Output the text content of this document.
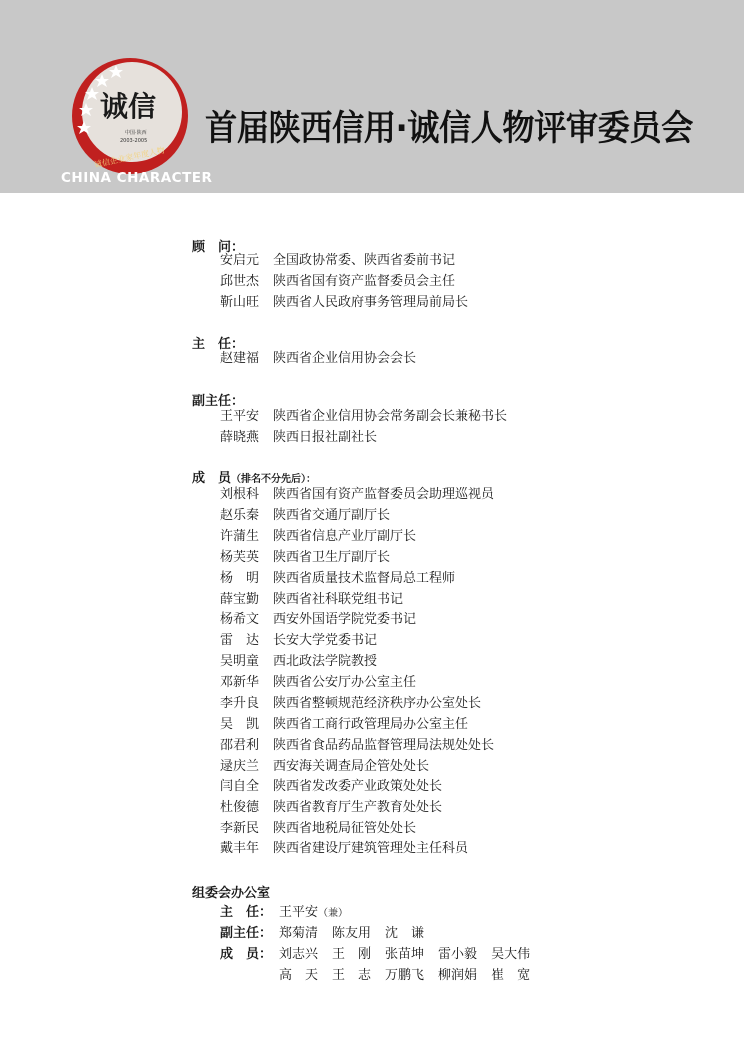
诚信
中国·陕西
2003-2005
诚信企业家年度人物
CHINA CHARACTER
首届陕西信用·诚信人物评审委员会
顾　问：
安启元 全国政协常委、陕西省委前书记
邱世杰 陕西省国有资产监督委员会主任
靳山旺 陕西省人民政府事务管理局前局长
主　任：
赵建福 陕西省企业信用协会会长
副主任：
王平安 陕西省企业信用协会常务副会长兼秘书长
薛晓燕 陕西日报社副社长
成　员（排名不分先后）：
刘根科 陕西省国有资产监督委员会助理巡视员
赵乐秦 陕西省交通厅副厅长
许蒲生 陕西省信息产业厅副厅长
杨芙英 陕西省卫生厅副厅长
杨　明 陕西省质量技术监督局总工程师
薛宝勤 陕西省社科联党组书记
杨希文 西安外国语学院党委书记
雷　达 长安大学党委书记
吴明童 西北政法学院教授
邓新华 陕西省公安厅办公室主任
李升良 陕西省整顿规范经济秩序办公室处长
吴　凯 陕西省工商行政管理局办公室主任
邵君利 陕西省食品药品监督管理局法规处处长
逯庆兰 西安海关调查局企管处处长
闫自全 陕西省发改委产业政策处处长
杜俊德 陕西省教育厅生产教育处处长
李新民 陕西省地税局征管处处长
戴丰年 陕西省建设厅建筑管理处主任科员
组委会办公室
主　任： 王平安（兼）
副主任： 郑菊清 陈友用 沈　谦
成　员： 刘志兴 王　刚 张苗坤 雷小毅 吴大伟
高　天 王　志 万鹏飞 柳润娟 崔　宽
